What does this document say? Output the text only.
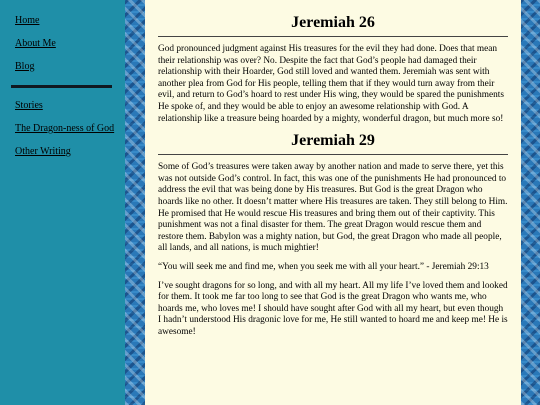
Home
About Me
Blog
Stories
The Dragon-ness of God
Other Writing
Jeremiah 26

God pronounced judgment against His treasures for the evil they had done. Does that mean their relationship was over? No. Despite the fact that God’s people had damaged their relationship with their Hoarder, God still loved and wanted them. Jeremiah was sent with another plea from God for His people, telling them that if they would turn away from their evil, and return to God’s hoard to rest under His wing, they would be spared the punishments He spoke of, and they would be able to enjoy an awesome relationship with God. A relationship like a treasure being hoarded by a mighty, wonderful dragon, but much more so!

Jeremiah 29

Some of God’s treasures were taken away by another nation and made to serve there, yet this was not outside God’s control. In fact, this was one of the punishments He had pronounced to address the evil that was being done by His treasures. But God is the great Dragon who hoards like no other. It doesn’t matter where His treasures are taken. They still belong to Him. He promised that He would rescue His treasures and bring them out of their captivity. This punishment was not a final disaster for them. The great Dragon would rescue them and restore them. Babylon was a mighty nation, but God, the great Dragon who made all people, all lands, and all nations, is much mightier!

“You will seek me and find me, when you seek me with all your heart.” - Jeremiah 29:13

I’ve sought dragons for so long, and with all my heart. All my life I’ve loved them and looked for them. It took me far too long to see that God is the great Dragon who wants me, who hoards me, who loves me! I should have sought after God with all my heart, but even though I hadn’t understood His dragonic love for me, He still wanted to hoard me and keep me! He is awesome!
